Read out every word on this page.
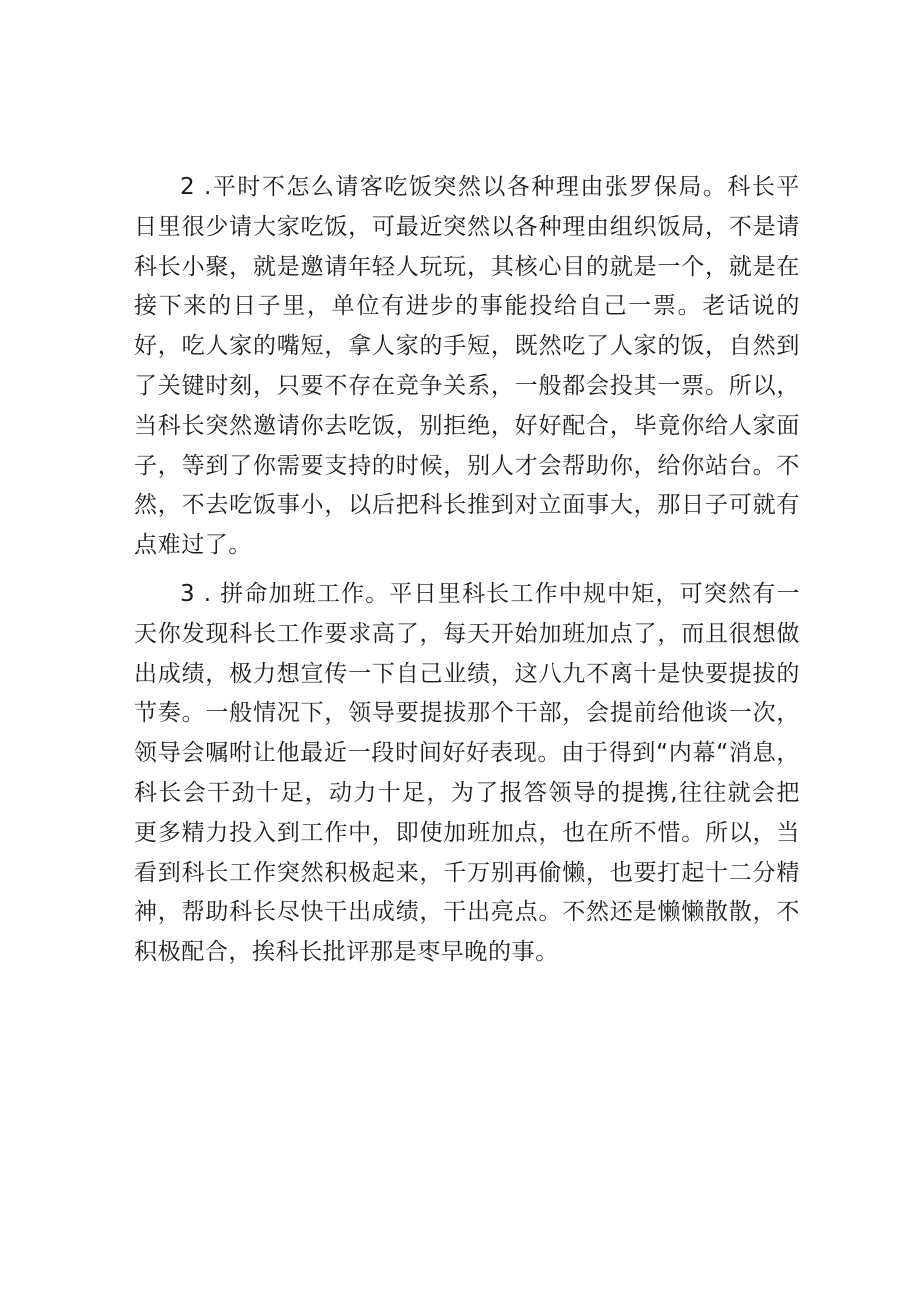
2 .平时不怎么请客吃饭突然以各种理由张罗保局。科长平日里很少请大家吃饭，可最近突然以各种理由组织饭局，不是请科长小聚，就是邀请年轻人玩玩，其核心目的就是一个，就是在接下来的日子里，单位有进步的事能投给自己一票。老话说的好，吃人家的嘴短，拿人家的手短，既然吃了人家的饭，自然到了关键时刻，只要不存在竞争关系，一般都会投其一票。所以，当科长突然邀请你去吃饭，别拒绝，好好配合，毕竟你给人家面子，等到了你需要支持的时候，别人才会帮助你，给你站台。不然，不去吃饭事小，以后把科长推到对立面事大，那日子可就有点难过了。

3 . 拼命加班工作。平日里科长工作中规中矩，可突然有一天你发现科长工作要求高了，每天开始加班加点了，而且很想做出成绩，极力想宣传一下自己业绩，这八九不离十是快要提拔的节奏。一般情况下，领导要提拔那个干部，会提前给他谈一次，领导会嘱咐让他最近一段时间好好表现。由于得到“内幕“消息，科长会干劲十足，动力十足，为了报答领导的提携,往往就会把更多精力投入到工作中，即使加班加点，也在所不惜。所以，当看到科长工作突然积极起来，千万别再偷懒，也要打起十二分精神，帮助科长尽快干出成绩，干出亮点。不然还是懒懒散散，不积极配合，挨科长批评那是枣早晚的事。
